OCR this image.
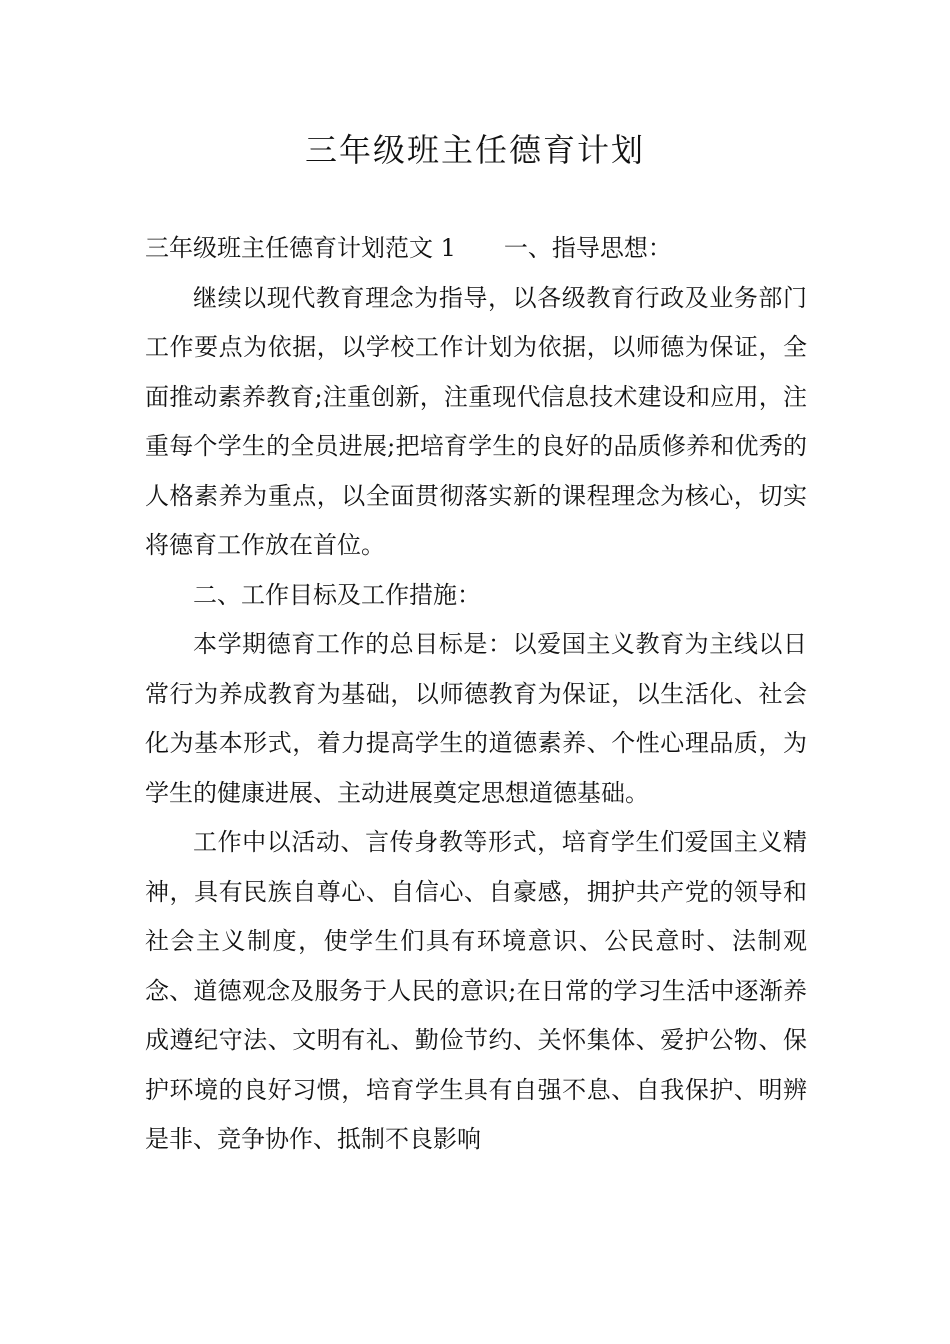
三年级班主任德育计划

三年级班主任德育计划范文 1 一、指导思想：

继续以现代教育理念为指导，以各级教育行政及业务部门工作要点为依据，以学校工作计划为依据，以师德为保证，全面推动素养教育;注重创新，注重现代信息技术建设和应用，注重每个学生的全员进展;把培育学生的良好的品质修养和优秀的人格素养为重点，以全面贯彻落实新的课程理念为核心，切实将德育工作放在首位。

二、工作目标及工作措施：

本学期德育工作的总目标是：以爱国主义教育为主线以日常行为养成教育为基础，以师德教育为保证，以生活化、社会化为基本形式，着力提高学生的道德素养、个性心理品质，为学生的健康进展、主动进展奠定思想道德基础。

工作中以活动、言传身教等形式，培育学生们爱国主义精神，具有民族自尊心、自信心、自豪感，拥护共产党的领导和社会主义制度，使学生们具有环境意识、公民意时、法制观念、道德观念及服务于人民的意识;在日常的学习生活中逐渐养成遵纪守法、文明有礼、勤俭节约、关怀集体、爱护公物、保护环境的良好习惯，培育学生具有自强不息、自我保护、明辨是非、竞争协作、抵制不良影响
